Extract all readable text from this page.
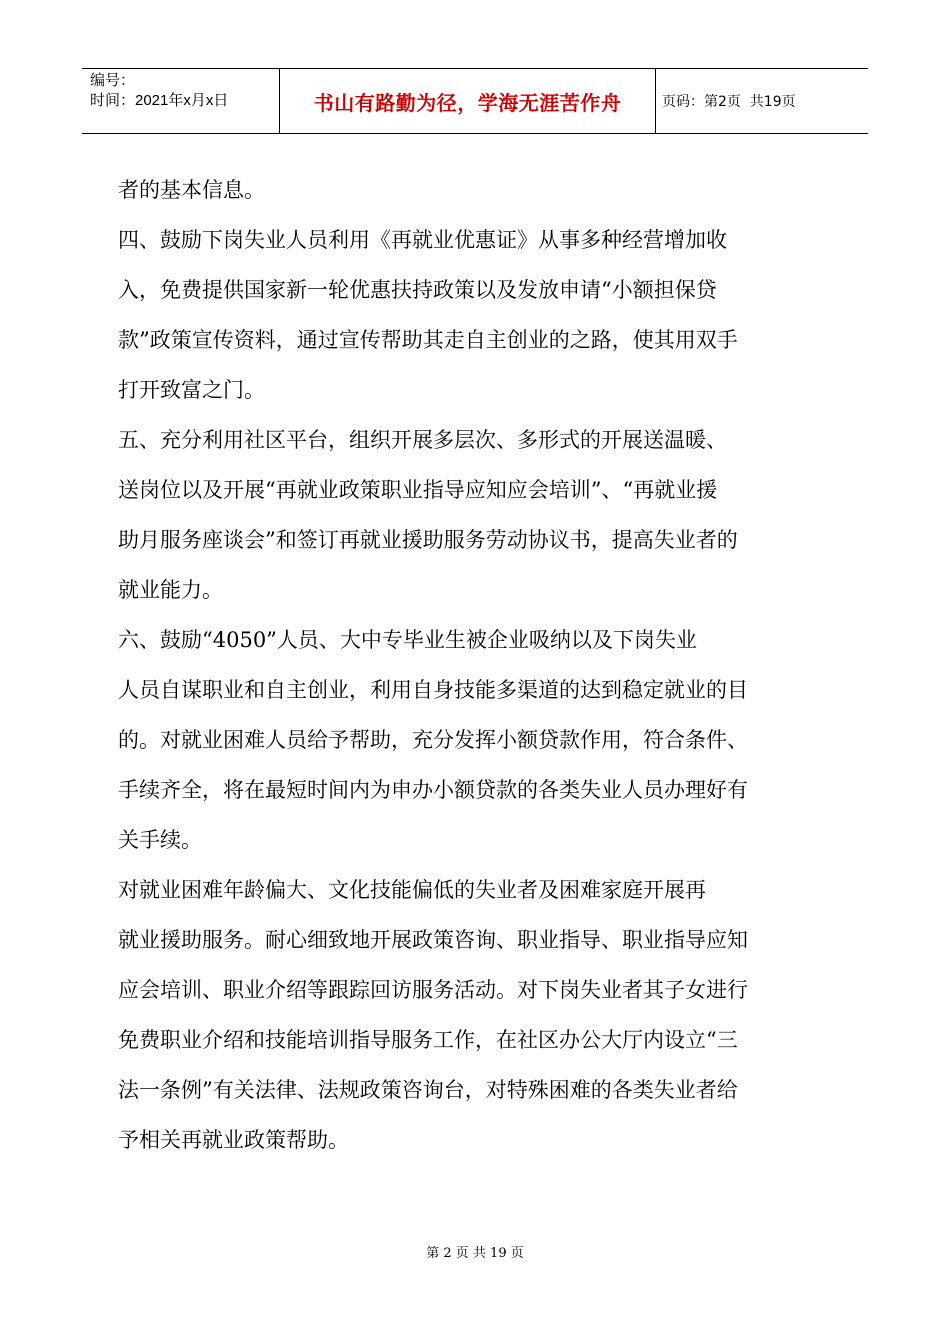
编号：
时间：2021年x月x日	书山有路勤为径，学海无涯苦作舟	页码：第2页  共19页
者的基本信息。
四、鼓励下岗失业人员利用《再就业优惠证》从事多种经营增加收
入，免费提供国家新一轮优惠扶持政策以及发放申请“小额担保贷
款”政策宣传资料，通过宣传帮助其走自主创业的之路，使其用双手
打开致富之门。
五、充分利用社区平台，组织开展多层次、多形式的开展送温暖、
送岗位以及开展“再就业政策职业指导应知应会培训”、“再就业援
助月服务座谈会”和签订再就业援助服务劳动协议书，提高失业者的
就业能力。
六、鼓励“4050”人员、大中专毕业生被企业吸纳以及下岗失业
人员自谋职业和自主创业，利用自身技能多渠道的达到稳定就业的目
的。对就业困难人员给予帮助，充分发挥小额贷款作用，符合条件、
手续齐全，将在最短时间内为申办小额贷款的各类失业人员办理好有
关手续。
对就业困难年龄偏大、文化技能偏低的失业者及困难家庭开展再
就业援助服务。耐心细致地开展政策咨询、职业指导、职业指导应知
应会培训、职业介绍等跟踪回访服务活动。对下岗失业者其子女进行
免费职业介绍和技能培训指导服务工作，在社区办公大厅内设立“三
法一条例”有关法律、法规政策咨询台，对特殊困难的各类失业者给
予相关再就业政策帮助。
第 2 页 共 19 页
